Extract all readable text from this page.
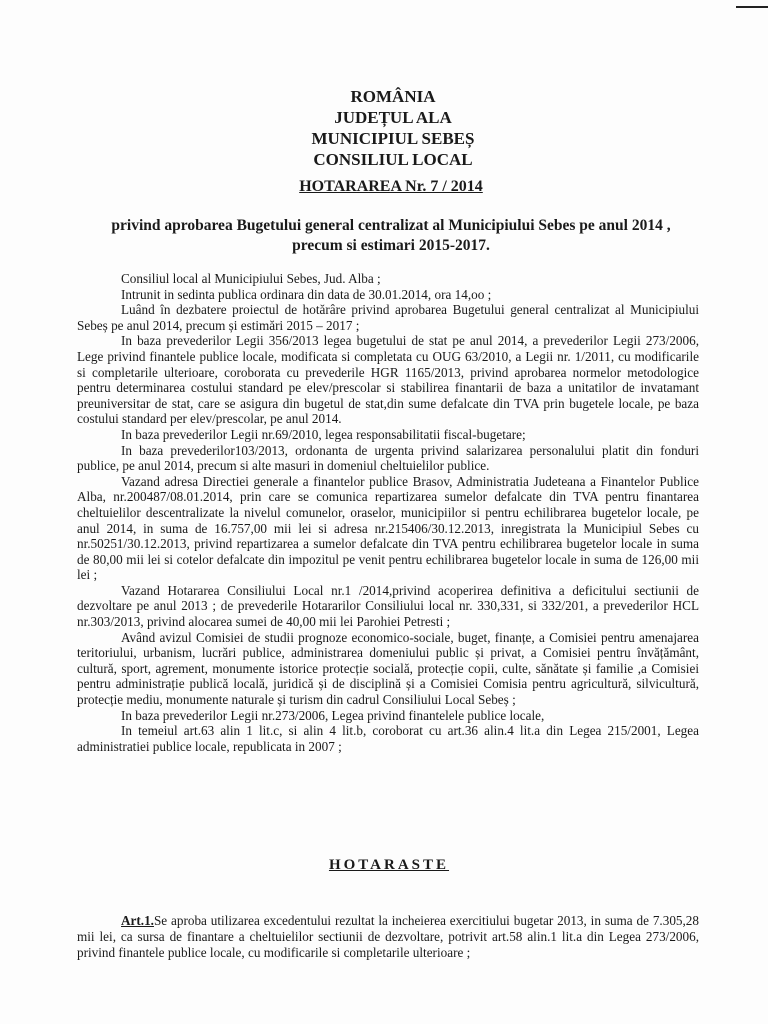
ROMÂNIA
JUDEȚUL ALA
MUNICIPIUL SEBEȘ
CONSILIUL LOCAL
HOTARAREA Nr. 7 / 2014
privind aprobarea Bugetului general centralizat al Municipiului Sebes pe anul 2014 , precum si estimari 2015-2017.

Consiliul local al Municipiului Sebes, Jud. Alba ;

Intrunit in sedinta publica ordinara din data de 30.01.2014, ora 14,oo ;

Luând în dezbatere proiectul de hotărâre privind aprobarea Bugetului general centralizat al Municipiului Sebeș pe anul 2014, precum și estimări 2015 – 2017 ;

In baza prevederilor Legii 356/2013 legea bugetului de stat pe anul 2014, a prevederilor Legii 273/2006, Lege privind finantele publice locale, modificata si completata cu OUG 63/2010, a Legii nr. 1/2011, cu modificarile si completarile ulterioare, coroborata cu prevederile HGR 1165/2013, privind aprobarea normelor metodologice pentru determinarea costului standard pe elev/prescolar si stabilirea finantarii de baza a unitatilor de invatamant preuniversitar de stat, care se asigura din bugetul de stat,din sume defalcate din TVA prin bugetele locale, pe baza costului standard per elev/prescolar, pe anul 2014.

In baza prevederilor Legii nr.69/2010, legea responsabilitatii fiscal-bugetare;

In baza prevederilor103/2013, ordonanta de urgenta privind salarizarea personalului platit din fonduri publice, pe anul 2014, precum si alte masuri in domeniul cheltuielilor publice.

Vazand adresa Directiei generale a finantelor publice Brasov, Administratia Judeteana a Finantelor Publice Alba, nr.200487/08.01.2014, prin care se comunica repartizarea sumelor defalcate din TVA pentru finantarea cheltuielilor descentralizate la nivelul comunelor, oraselor, municipiilor si pentru echilibrarea bugetelor locale, pe anul 2014, in suma de 16.757,00 mii lei si adresa nr.215406/30.12.2013, inregistrata la Municipiul Sebes cu nr.50251/30.12.2013, privind repartizarea a sumelor defalcate din TVA pentru echilibrarea bugetelor locale in suma de 80,00 mii lei si cotelor defalcate din impozitul pe venit pentru echilibrarea bugetelor locale in suma de 126,00 mii lei ;

Vazand Hotararea Consiliului Local nr.1 /2014,privind acoperirea definitiva a deficitului sectiunii de dezvoltare pe anul 2013 ; de prevederile Hotararilor Consiliului local nr. 330,331, si 332/201, a prevederilor HCL nr.303/2013, privind alocarea sumei de 40,00 mii lei Parohiei Petresti ;

Având avizul Comisiei de studii prognoze economico-sociale, buget, finanțe, a Comisiei pentru amenajarea teritoriului, urbanism, lucrări publice, administrarea domeniului public și privat, a Comisiei pentru învățământ, cultură, sport, agrement, monumente istorice protecție socială, protecție copii, culte, sănătate și familie ,a Comisiei pentru administrație publică locală, juridică și de disciplină și a Comisiei Comisia pentru agricultură, silvicultură, protecție mediu, monumente naturale și turism din cadrul Consiliului Local Sebeș ;

In baza prevederilor Legii nr.273/2006, Legea privind finantelele publice locale,

In temeiul art.63 alin 1 lit.c, si alin 4 lit.b, coroborat cu art.36 alin.4 lit.a din Legea 215/2001, Legea administratiei publice locale, republicata in 2007 ;

HOTARASTE

Art.1.Se aproba utilizarea excedentului rezultat la incheierea exercitiului bugetar 2013, in suma de 7.305,28 mii lei, ca sursa de finantare a cheltuielilor sectiunii de dezvoltare, potrivit art.58 alin.1 lit.a din Legea 273/2006, privind finantele publice locale, cu modificarile si completarile ulterioare ;
